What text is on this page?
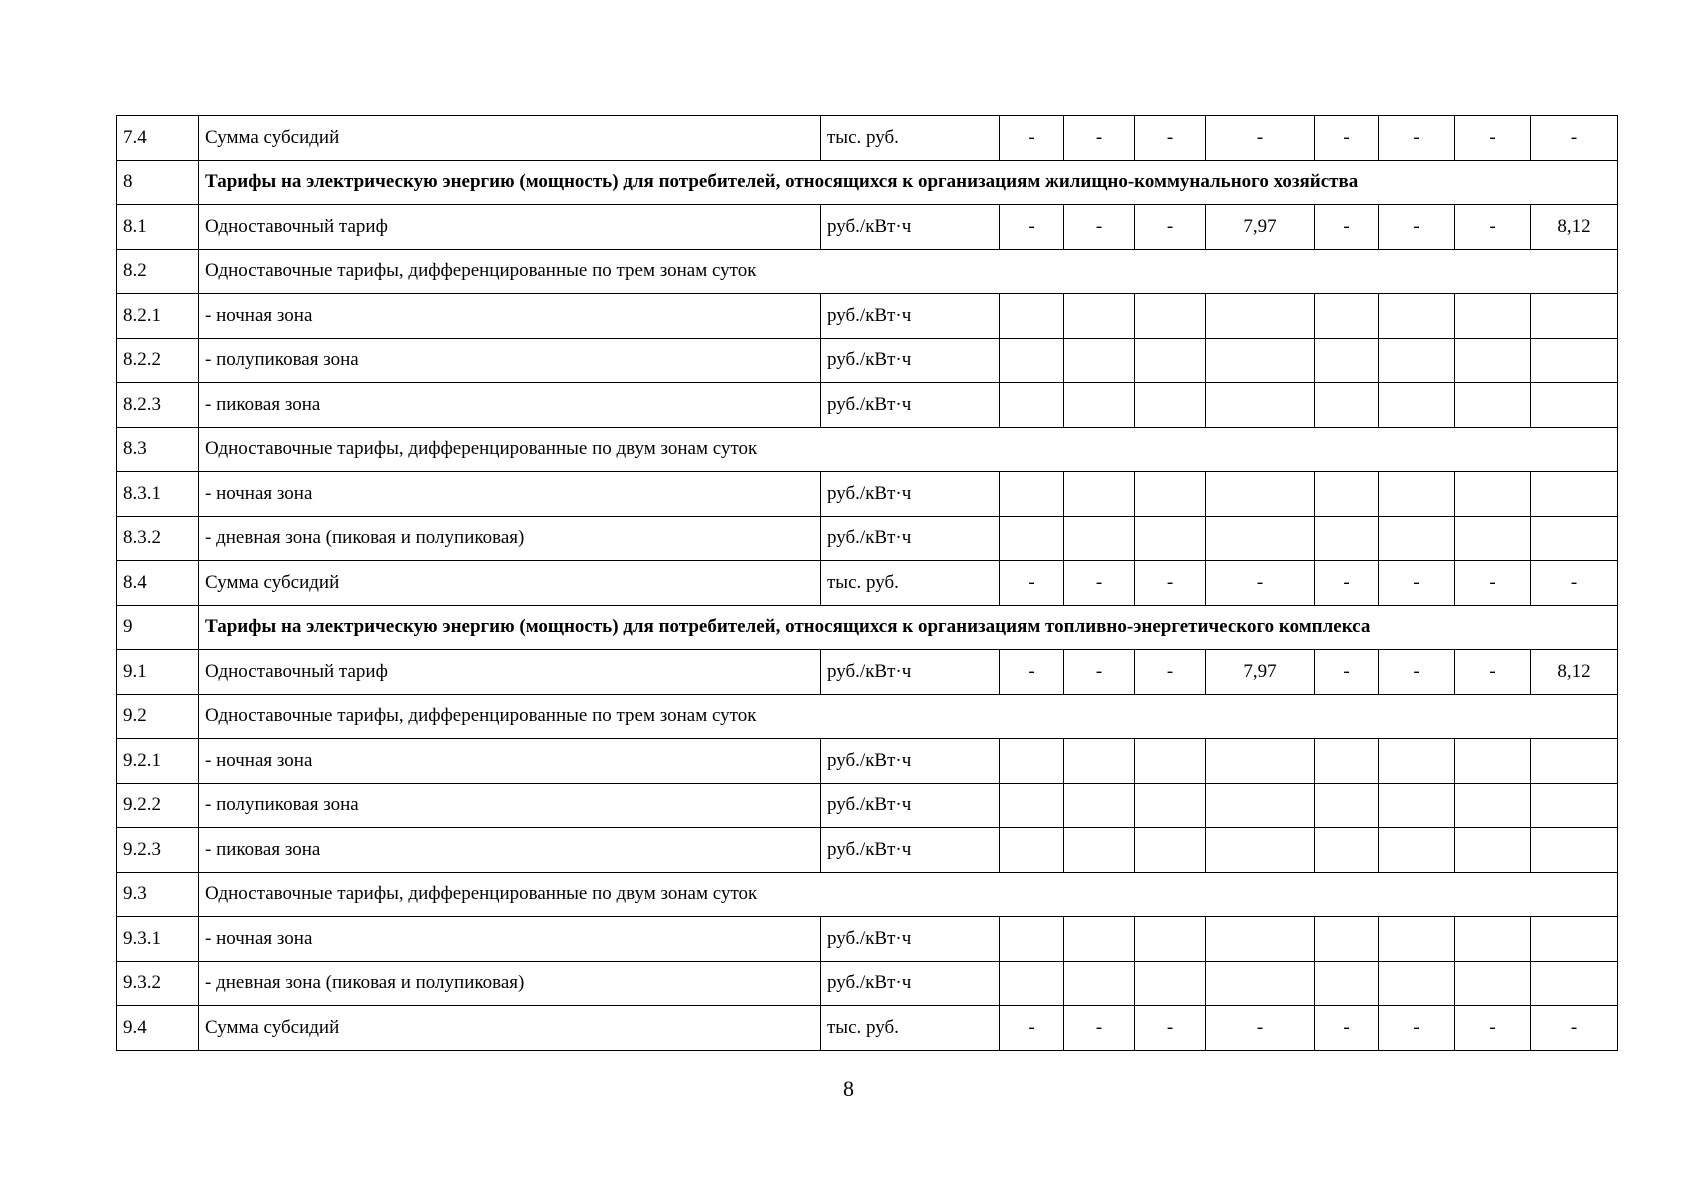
7.4	Сумма субсидий	тыс. руб.	-	-	-	-	-	-	-	-
8	Тарифы на электрическую энергию (мощность) для потребителей, относящихся к организациям жилищно-коммунального хозяйства									
8.1	Одноставочный тариф	руб./кВт·ч	-	-	-	7,97	-	-	-	8,12
8.2	Одноставочные тарифы, дифференцированные по трем зонам суток									
8.2.1	- ночная зона	руб./кВт·ч								
8.2.2	- полупиковая зона	руб./кВт·ч								
8.2.3	- пиковая зона	руб./кВт·ч								
8.3	Одноставочные тарифы, дифференцированные по двум зонам суток									
8.3.1	- ночная зона	руб./кВт·ч								
8.3.2	- дневная зона (пиковая и полупиковая)	руб./кВт·ч								
8.4	Сумма субсидий	тыс. руб.	-	-	-	-	-	-	-	-
9	Тарифы на электрическую энергию (мощность) для потребителей, относящихся к организациям топливно-энергетического комплекса									
9.1	Одноставочный тариф	руб./кВт·ч	-	-	-	7,97	-	-	-	8,12
9.2	Одноставочные тарифы, дифференцированные по трем зонам суток									
9.2.1	- ночная зона	руб./кВт·ч								
9.2.2	- полупиковая зона	руб./кВт·ч								
9.2.3	- пиковая зона	руб./кВт·ч								
9.3	Одноставочные тарифы, дифференцированные по двум зонам суток									
9.3.1	- ночная зона	руб./кВт·ч								
9.3.2	- дневная зона (пиковая и полупиковая)	руб./кВт·ч								
9.4	Сумма субсидий	тыс. руб.	-	-	-	-	-	-	-	-
8
